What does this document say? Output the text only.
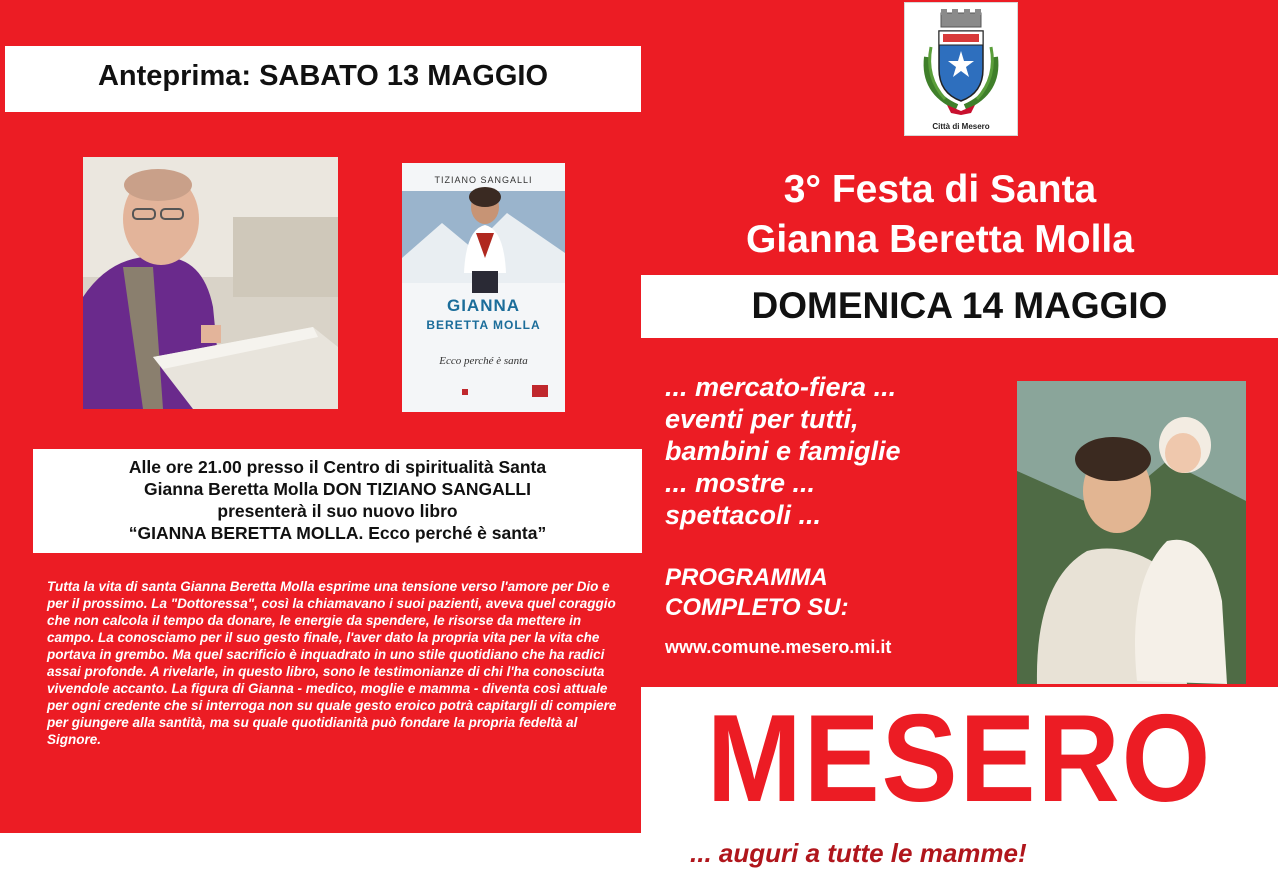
Anteprima: SABATO 13 MAGGIO
Città di Mesero
TIZIANO SANGALLI
GIANNA
BERETTA MOLLA
Ecco perché è santa
3° Festa di Santa
Gianna Beretta Molla
DOMENICA 14 MAGGIO
... mercato-fiera ...
eventi per tutti,
bambini e famiglie
... mostre ...
spettacoli ...
PROGRAMMA
COMPLETO SU:
www.comune.mesero.mi.it
Alle ore 21.00 presso il Centro di spiritualità Santa
Gianna Beretta Molla DON TIZIANO SANGALLI
presenterà il suo nuovo libro
“GIANNA BERETTA MOLLA. Ecco perché è santa”
Tutta la vita di santa Gianna Beretta Molla esprime una tensione verso l'amore per Dio e per il prossimo. La "Dottoressa", così la chiamavano i suoi pazienti, aveva quel coraggio che non calcola il tempo da donare, le energie da spendere, le risorse da mettere in campo. La conosciamo per il suo gesto finale, l'aver dato la propria vita per la vita che portava in grembo. Ma quel sacrificio è inquadrato in uno stile quotidiano che ha radici assai profonde. A rivelarle, in questo libro, sono le testimonianze di chi l'ha conosciuta vivendole accanto. La figura di Gianna - medico, moglie e mamma - diventa così attuale per ogni credente che si interroga non su quale gesto eroico potrà capitargli di compiere per giungere alla santità, ma su quale quotidianità può fondare la propria fedeltà al Signore.	MESERO
... auguri a tutte le mamme!
